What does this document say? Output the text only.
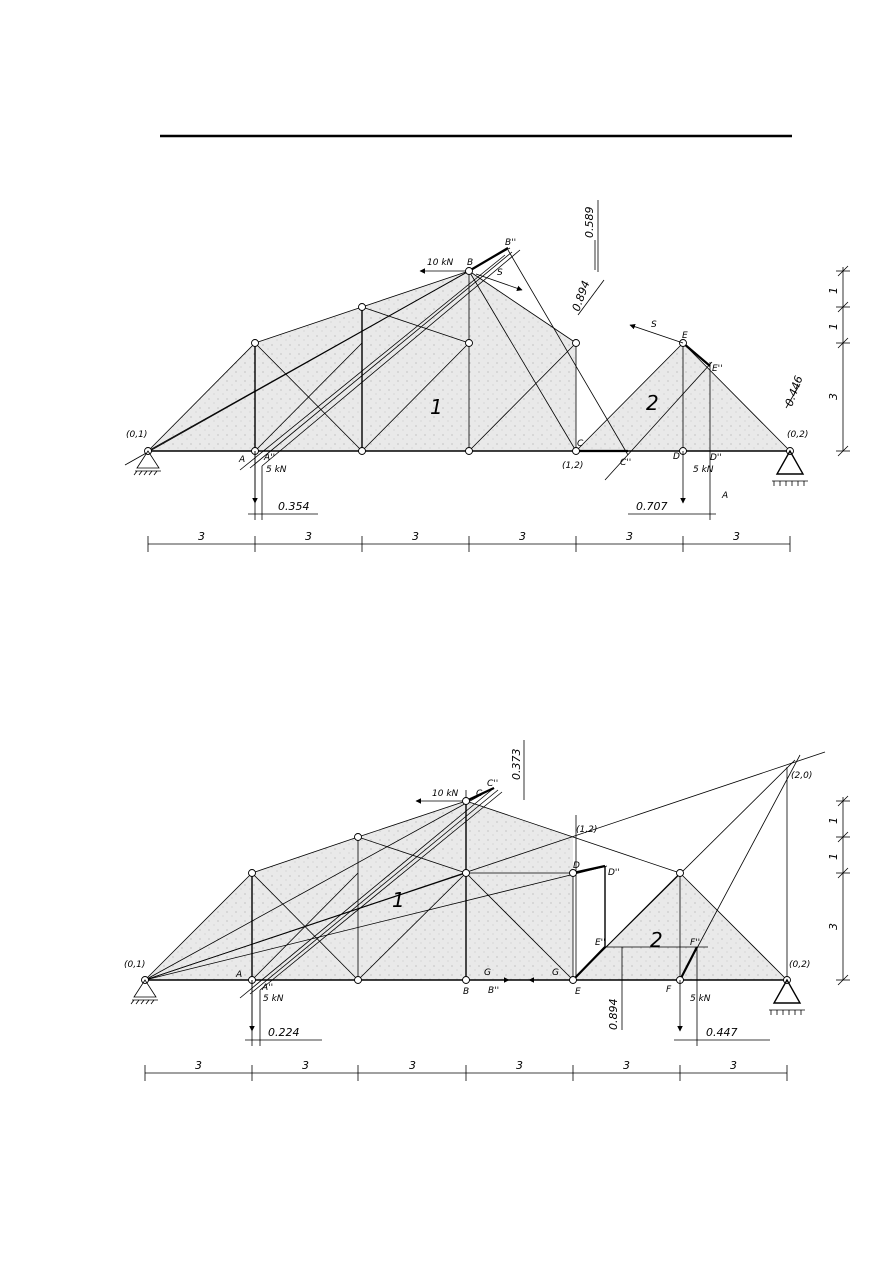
(0,1)
(1,2)
(0,2)
A A''
B
B''
C
C''
D	D''
E
E''
A
5 kN	5 kN
10 kN
S
S
1	2
0.354	0.707
0.589
0.894
0.446
1
1
3
3	3	3	3	3	3
(0,1)
(1,2)
(0,2)
(2,0)
A
A''	B B''
C
C''
D
D''
E
E''
F
F''
G	G
5 kN	5 kN
10 kN
1
2
0.224	0.447
0.373
0.894
1
1
3
3	3	3	3	3	3
